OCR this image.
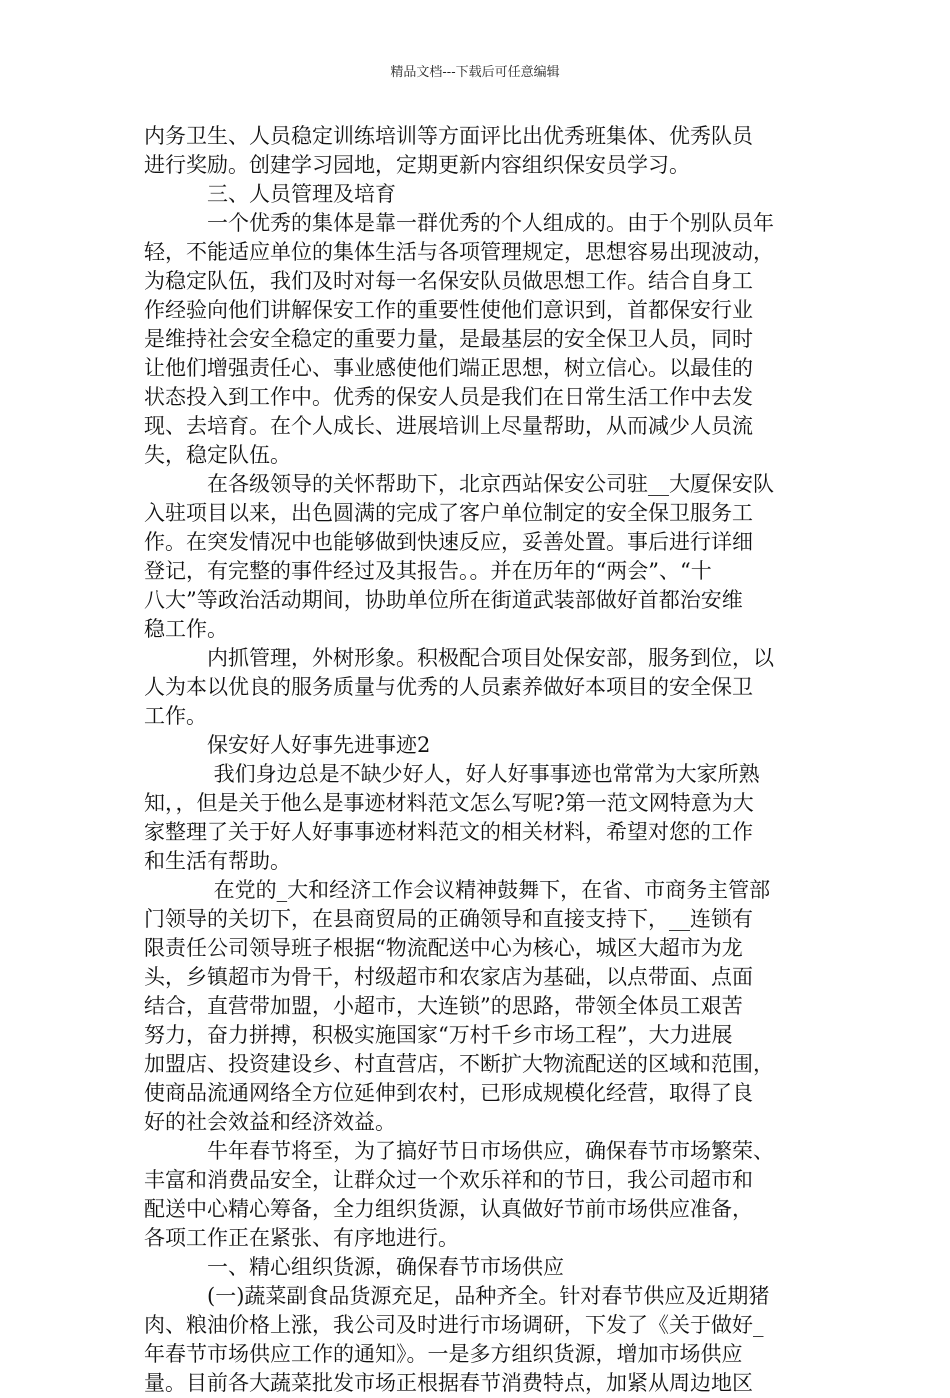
精品文档---下载后可任意编辑
内务卫生、人员稳定训练培训等方面评比出优秀班集体、优秀队员
进行奖励。创建学习园地，定期更新内容组织保安员学习。
　　　三、人员管理及培育
　　　一个优秀的集体是靠一群优秀的个人组成的。由于个别队员年
轻，不能适应单位的集体生活与各项管理规定，思想容易出现波动，
为稳定队伍，我们及时对每一名保安队员做思想工作。结合自身工
作经验向他们讲解保安工作的重要性使他们意识到，首都保安行业
是维持社会安全稳定的重要力量，是最基层的安全保卫人员，同时
让他们增强责任心、事业感使他们端正思想，树立信心。以最佳的
状态投入到工作中。优秀的保安人员是我们在日常生活工作中去发
现、去培育。在个人成长、进展培训上尽量帮助，从而减少人员流
失，稳定队伍。
　　　在各级领导的关怀帮助下，北京西站保安公司驻__大厦保安队
入驻项目以来，出色圆满的完成了客户单位制定的安全保卫服务工
作。在突发情况中也能够做到快速反应，妥善处置。事后进行详细
登记，有完整的事件经过及其报告。。并在历年的“两会”、“十
八大”等政治活动期间，协助单位所在街道武装部做好首都治安维
稳工作。
　　　内抓管理，外树形象。积极配合项目处保安部，服务到位，以
人为本以优良的服务质量与优秀的人员素养做好本项目的安全保卫
工作。
　　　保安好人好事先进事迹2
　　　 我们身边总是不缺少好人，好人好事事迹也常常为大家所熟
知，，但是关于他么是事迹材料范文怎么写呢?第一范文网特意为大
家整理了关于好人好事事迹材料范文的相关材料，希望对您的工作
和生活有帮助。
　　　 在党的_大和经济工作会议精神鼓舞下，在省、市商务主管部
门领导的关切下，在县商贸局的正确领导和直接支持下，__连锁有
限责任公司领导班子根据“物流配送中心为核心，城区大超市为龙
头，乡镇超市为骨干，村级超市和农家店为基础，以点带面、点面
结合，直营带加盟，小超市，大连锁”的思路，带领全体员工艰苦
努力，奋力拼搏，积极实施国家“万村千乡市场工程”，大力进展
加盟店、投资建设乡、村直营店，不断扩大物流配送的区域和范围，
使商品流通网络全方位延伸到农村，已形成规模化经营，取得了良
好的社会效益和经济效益。
　　　牛年春节将至，为了搞好节日市场供应，确保春节市场繁荣、
丰富和消费品安全，让群众过一个欢乐祥和的节日，我公司超市和
配送中心精心筹备，全力组织货源，认真做好节前市场供应准备，
各项工作正在紧张、有序地进行。
　　　一、精心组织货源，确保春节市场供应
　　　(一)蔬菜副食品货源充足，品种齐全。针对春节供应及近期猪
肉、粮油价格上涨，我公司及时进行市场调研，下发了《关于做好_
年春节市场供应工作的通知》。一是多方组织货源，增加市场供应
量。目前各大蔬菜批发市场正根据春节消费特点，加紧从周边地区
